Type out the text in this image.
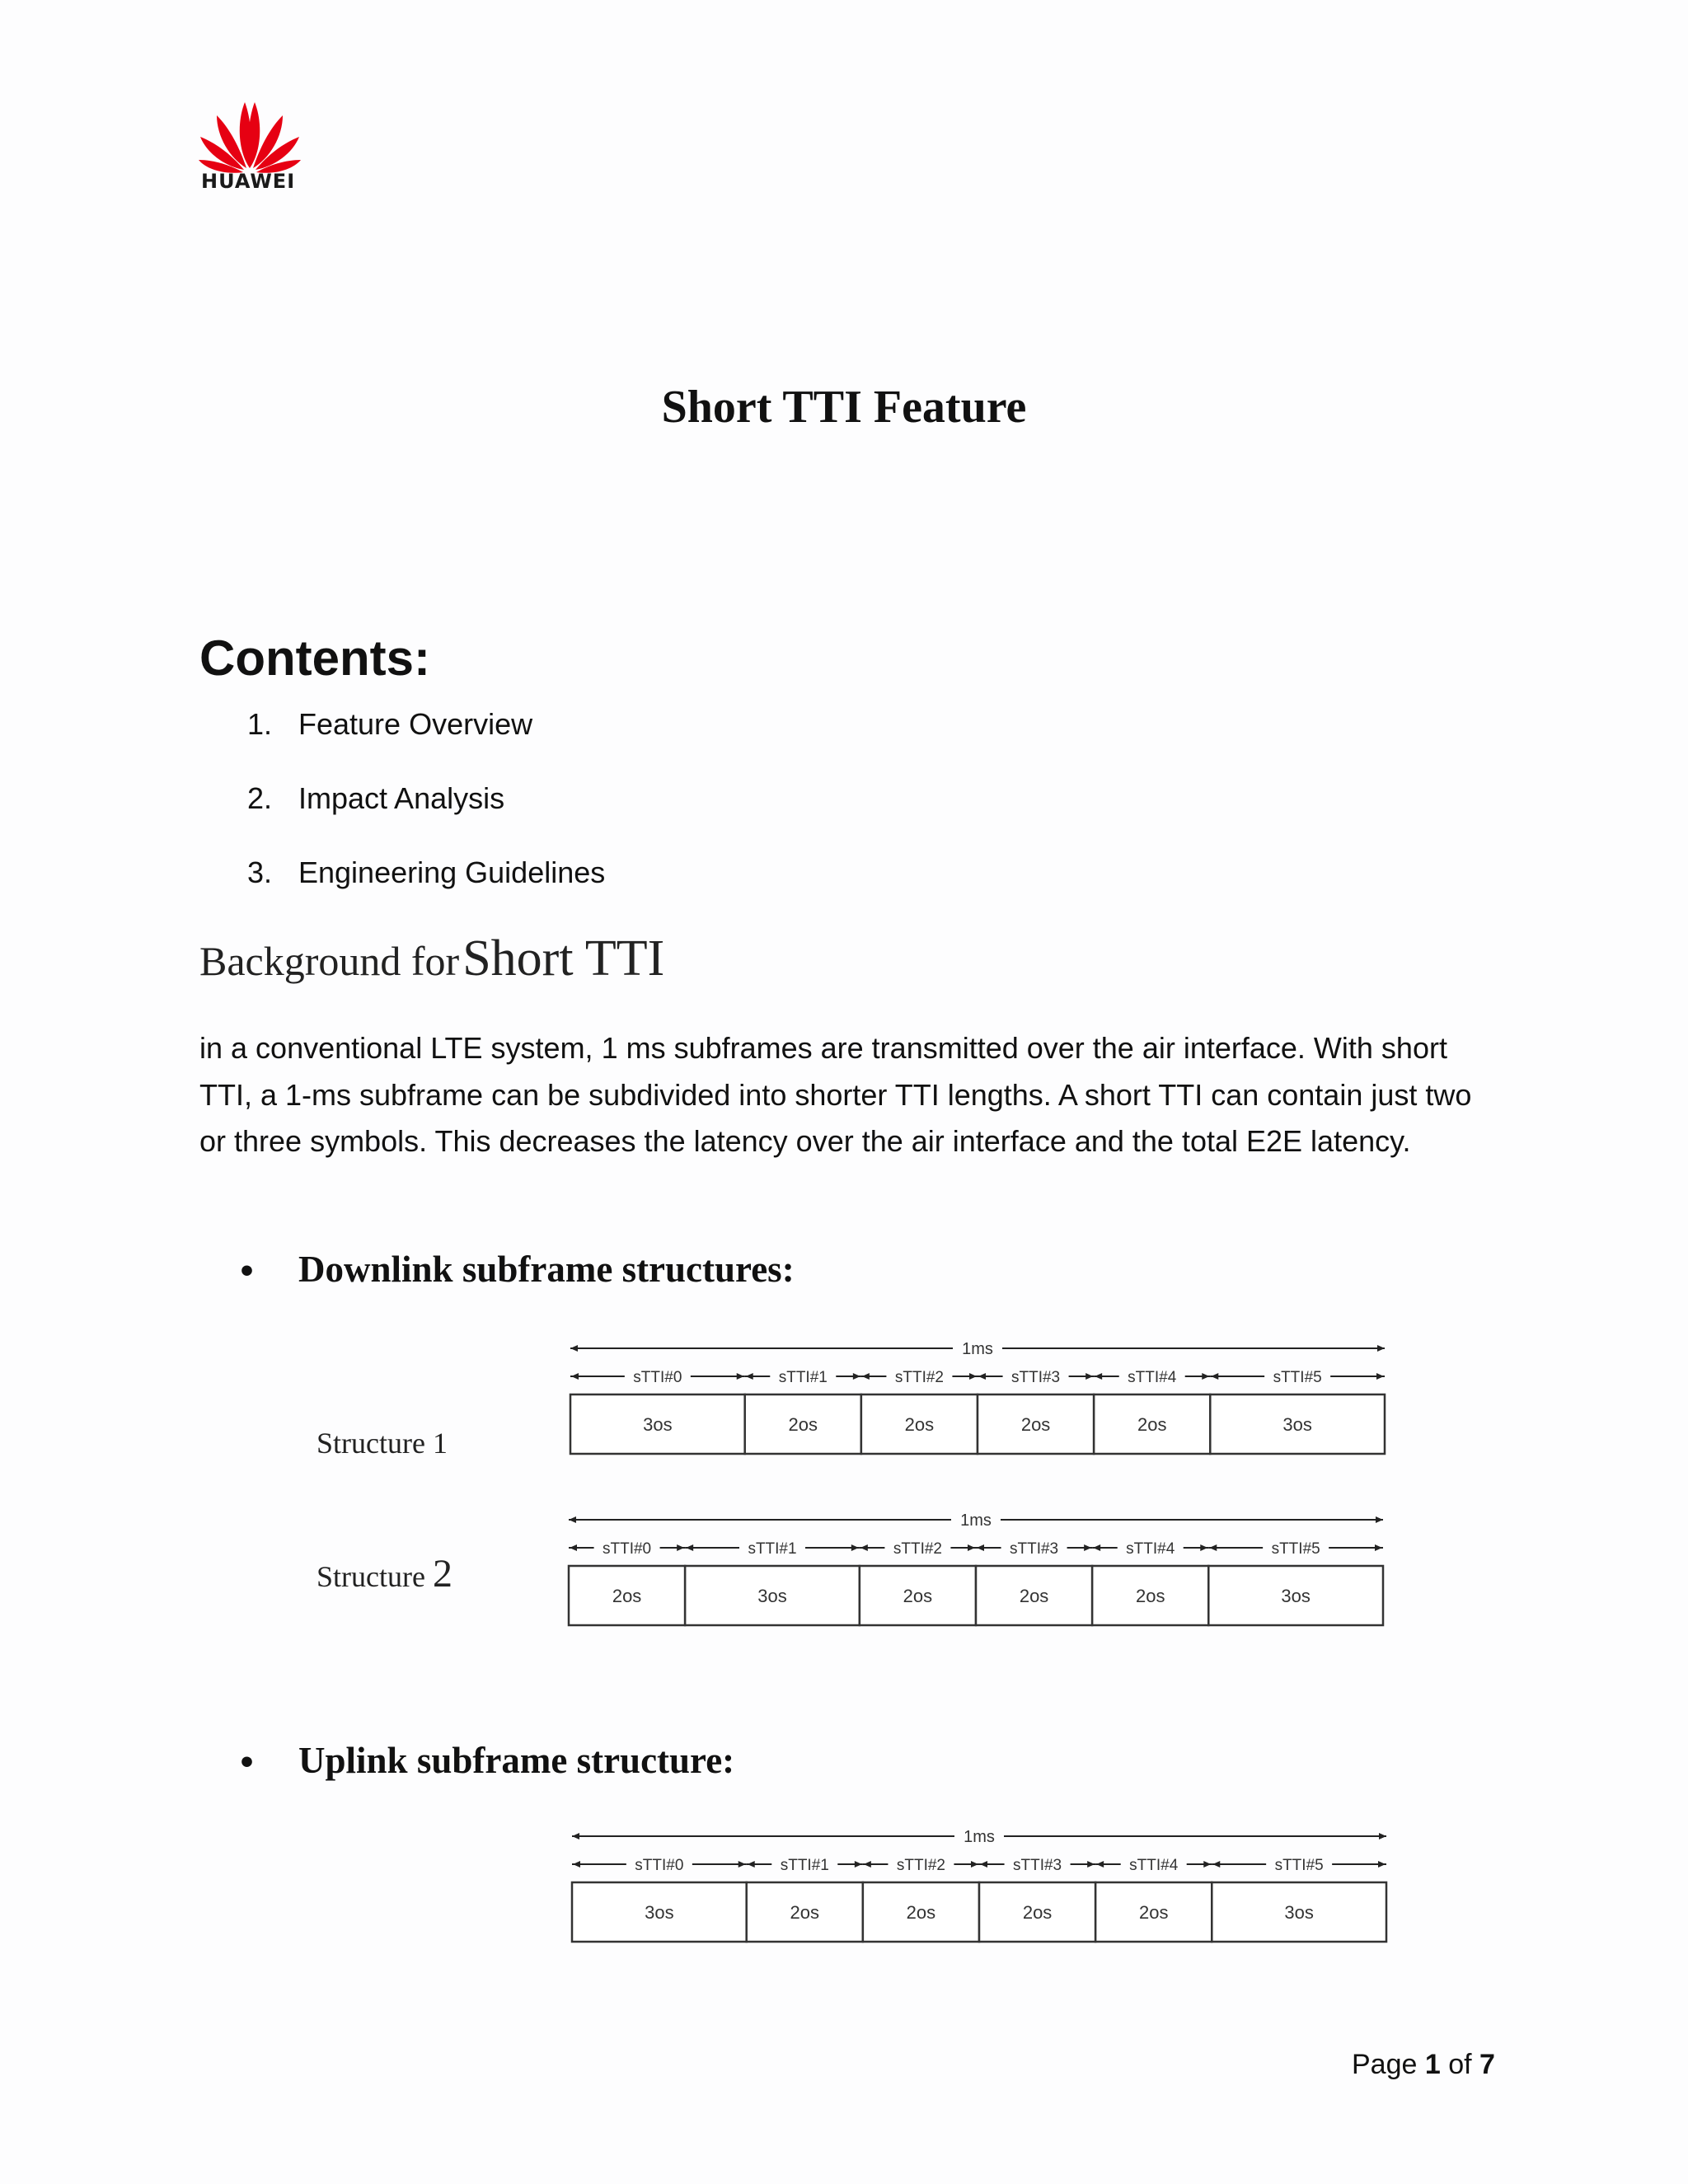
HUAWEI
Short TTI Feature
Contents:
1. Feature Overview
2. Impact Analysis
3. Engineering Guidelines
Background for Short TTI

in a conventional LTE system, 1 ms subframes are transmitted over the air interface. With short TTI, a 1-ms subframe can be subdivided into shorter TTI lengths. A short TTI can contain just two or three symbols. This decreases the latency over the air interface and the total E2E latency.

• Downlink subframe structures:
Structure 1
Structure 2
1ms
sTTI#0	sTTI#1	sTTI#2	sTTI#3	sTTI#4	sTTI#5
3os	2os	2os	2os	2os	3os
1ms
sTTI#0	sTTI#1	sTTI#2	sTTI#3	sTTI#4	sTTI#5
2os	3os	2os	2os	2os	3os
• Uplink subframe structure:
1ms
sTTI#0	sTTI#1	sTTI#2	sTTI#3	sTTI#4	sTTI#5
3os	2os	2os	2os	2os	3os
Page 1 of 7
